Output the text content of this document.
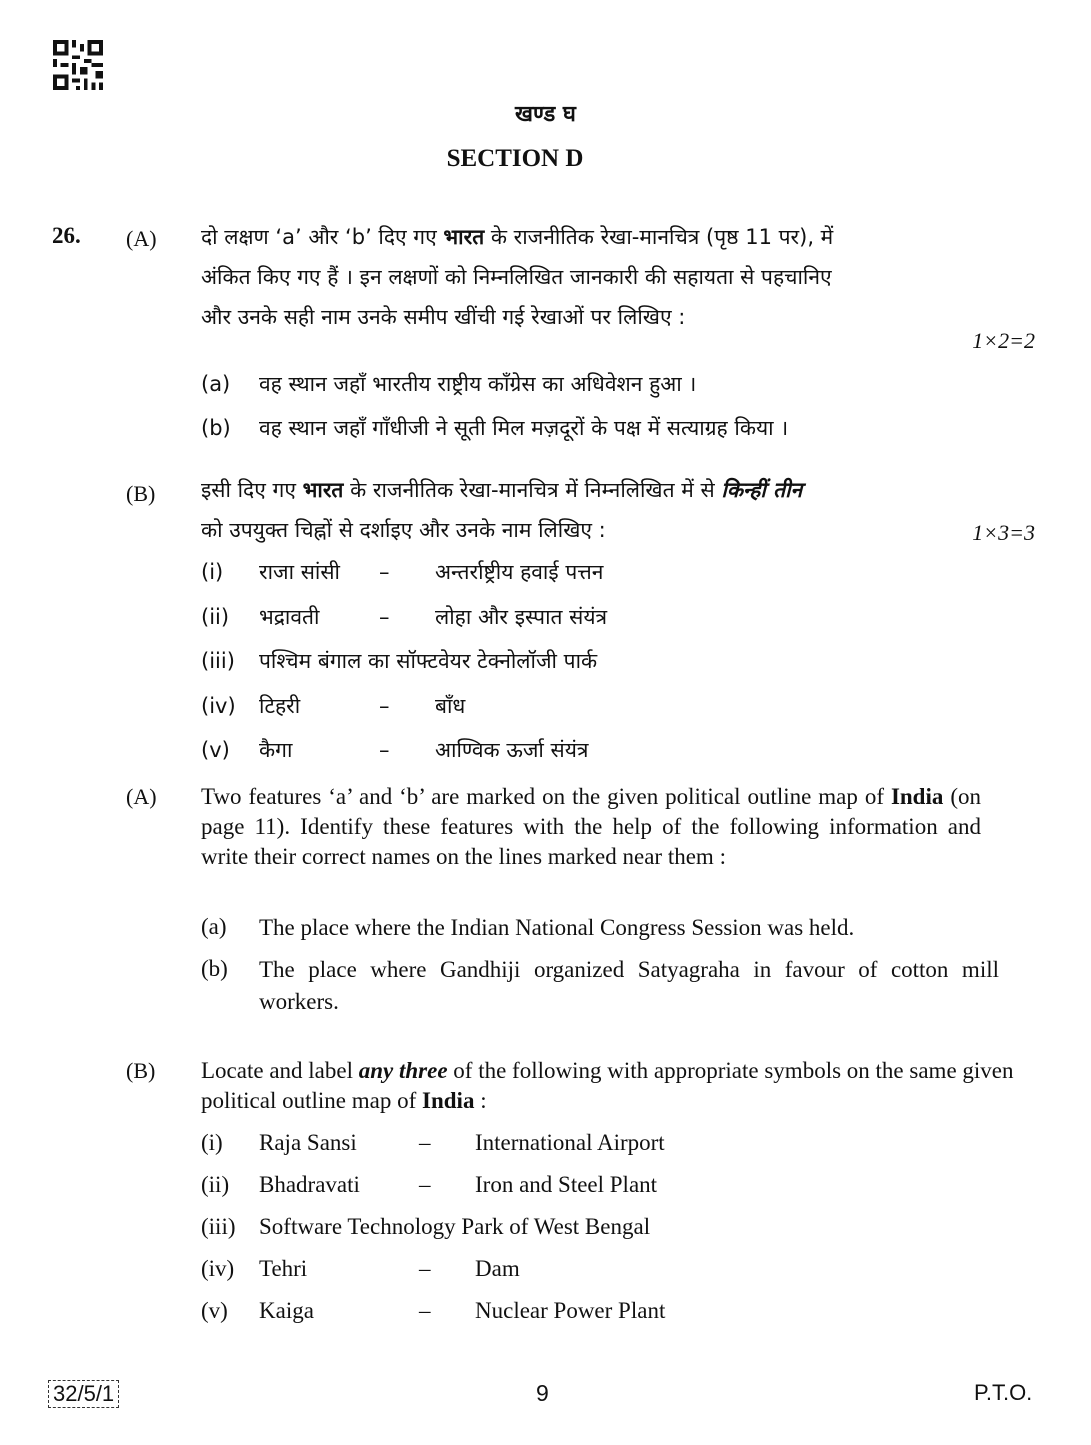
खण्ड घ
SECTION D
26. (A) दो लक्षण ‘a’ और ‘b’ दिए गए भारत के राजनीतिक रेखा-मानचित्र (पृष्ठ 11 पर), में
अंकित किए गए हैं । इन लक्षणों को निम्नलिखित जानकारी की सहायता से पहचानिए
और उनके सही नाम उनके समीप खींची गई रेखाओं पर लिखिए :
1×2=2
(a)	वह स्थान जहाँ भारतीय राष्ट्रीय काँग्रेस का अधिवेशन हुआ ।
(b)	वह स्थान जहाँ गाँधीजी ने सूती मिल मज़दूरों के पक्ष में सत्याग्रह किया ।
(B) इसी दिए गए भारत के राजनीतिक रेखा-मानचित्र में निम्नलिखित में से किन्हीं तीन
को उपयुक्त चिह्नों से दर्शाइए और उनके नाम लिखिए :	1×3=3
(i)	राजा सांसी	–	अन्तर्राष्ट्रीय हवाई पत्तन
(ii)	भद्रावती	–	लोहा और इस्पात संयंत्र
(iii)	पश्चिम बंगाल का सॉफ्टवेयर टेक्नोलॉजी पार्क
(iv)	टिहरी	–	बाँध
(v)	कैगा	–	आण्विक ऊर्जा संयंत्र
(A) Two features ‘a’ and ‘b’ are marked on the given political outline map of India (on page 11). Identify these features with the help of the following information and write their correct names on the lines marked near them :
(a)	The place where the Indian National Congress Session was held.
(b)	The place where Gandhiji organized Satyagraha in favour of cotton mill workers.
(B) Locate and label any three of the following with appropriate symbols on the same given political outline map of India :
(i)	Raja Sansi	–	International Airport
(ii)	Bhadravati	–	Iron and Steel Plant
(iii)	Software Technology Park of West Bengal
(iv)	Tehri	–	Dam
(v)	Kaiga	–	Nuclear Power Plant
32/5/1	9	P.T.O.
